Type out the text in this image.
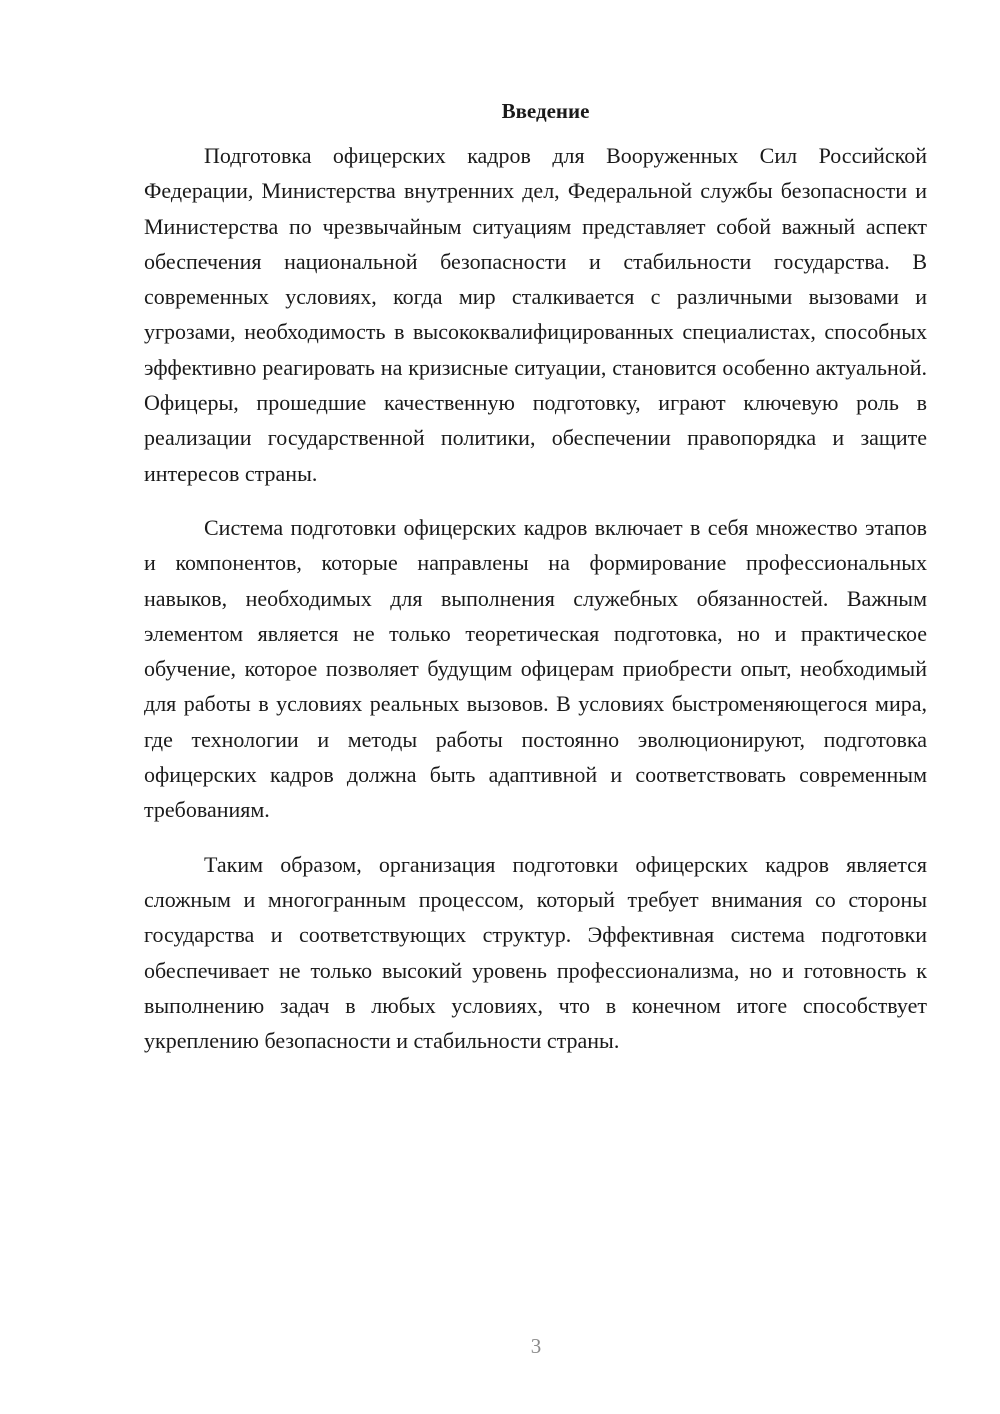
Введение

Подготовка офицерских кадров для Вооруженных Сил Российской Федерации, Министерства внутренних дел, Федеральной службы безопасности и Министерства по чрезвычайным ситуациям представляет собой важный аспект обеспечения национальной безопасности и стабильности государства. В современных условиях, когда мир сталкивается с различными вызовами и угрозами, необходимость в высококвалифицированных специалистах, способных эффективно реагировать на кризисные ситуации, становится особенно актуальной. Офицеры, прошедшие качественную подготовку, играют ключевую роль в реализации государственной политики, обеспечении правопорядка и защите интересов страны.

Система подготовки офицерских кадров включает в себя множество этапов и компонентов, которые направлены на формирование профессиональных навыков, необходимых для выполнения служебных обязанностей. Важным элементом является не только теоретическая подготовка, но и практическое обучение, которое позволяет будущим офицерам приобрести опыт, необходимый для работы в условиях реальных вызовов. В условиях быстроменяющегося мира, где технологии и методы работы постоянно эволюционируют, подготовка офицерских кадров должна быть адаптивной и соответствовать современным требованиям.

Таким образом, организация подготовки офицерских кадров является сложным и многогранным процессом, который требует внимания со стороны государства и соответствующих структур. Эффективная система подготовки обеспечивает не только высокий уровень профессионализма, но и готовность к выполнению задач в любых условиях, что в конечном итоге способствует укреплению безопасности и стабильности страны.

3
